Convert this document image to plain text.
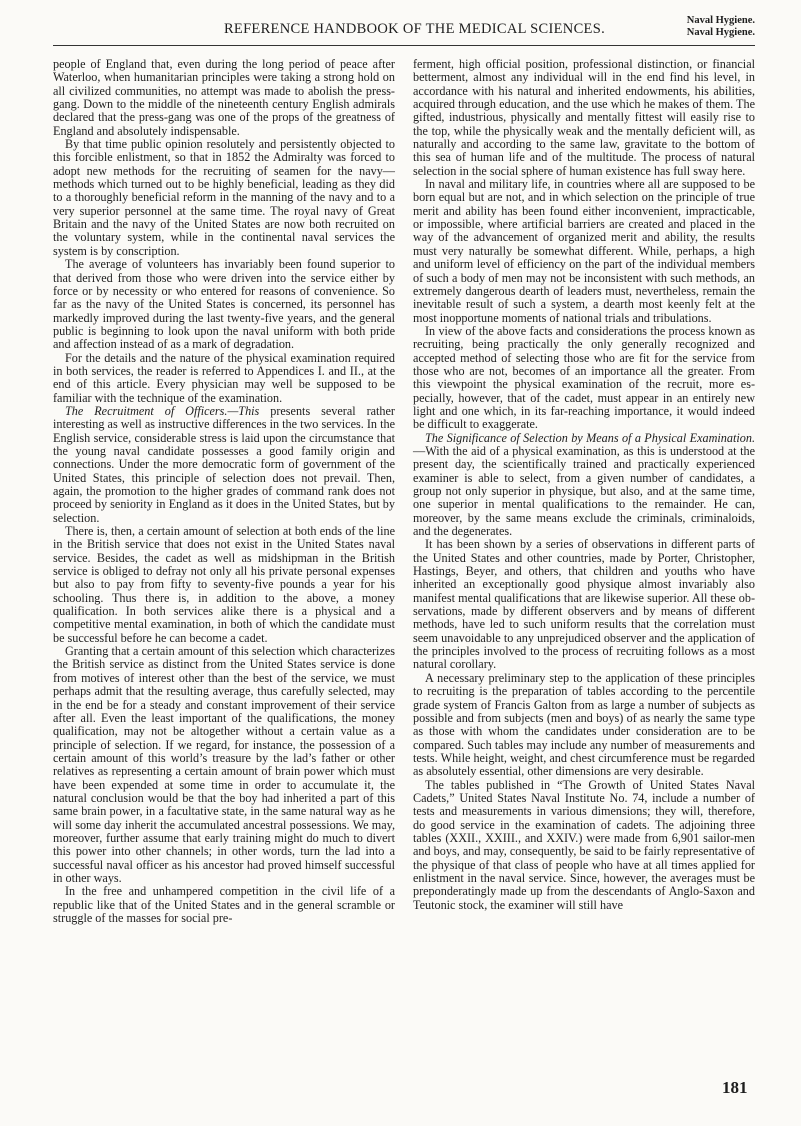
REFERENCE HANDBOOK OF THE MEDICAL SCIENCES.
Naval Hygiene.
Naval Hygiene.

people of England that, even during the long period of peace after Waterloo, when humanitarian principles were taking a strong hold on all civilized communities, no attempt was made to abolish the press-gang. Down to the middle of the nineteenth century English admirals declared that the press-gang was one of the props of the greatness of England and absolutely indispensable.

By that time public opinion resolutely and persistently objected to this forcible enlistment, so that in 1852 the Admiralty was forced to adopt new methods for the recruiting of seamen for the navy—methods which turned out to be highly beneficial, leading as they did to a thoroughly beneficial reform in the manning of the navy and to a very superior personnel at the same time. The royal navy of Great Britain and the navy of the United States are now both recruited on the voluntary system, while in the continental naval services the system is by conscription.

The average of volunteers has invariably been found superior to that derived from those who were driven into the service either by force or by necessity or who entered for reasons of convenience. So far as the navy of the United States is concerned, its personnel has markedly improved during the last twenty-five years, and the general public is beginning to look upon the naval uniform with both pride and affection instead of as a mark of degradation.

For the details and the nature of the physical examination required in both services, the reader is referred to Appendices I. and II., at the end of this article. Every physician may well be supposed to be familiar with the technique of the examination.

The Recruitment of Officers.—This presents several rather interesting as well as instructive differences in the two services. In the English service, considerable stress is laid upon the circumstance that the young naval candidate possesses a good family origin and connections. Under the more democratic form of government of the United States, this principle of selection does not prevail. Then, again, the promotion to the higher grades of command rank does not proceed by seniority in England as it does in the United States, but by selection.

There is, then, a certain amount of selection at both ends of the line in the British service that does not exist in the United States naval service. Besides, the cadet as well as midshipman in the British service is obliged to defray not only all his private personal expenses but also to pay from fifty to seventy-five pounds a year for his schooling. Thus there is, in addition to the above, a money qualification. In both services alike there is a physical and a competitive mental examination, in both of which the candidate must be successful before he can become a cadet.

Granting that a certain amount of this selection which characterizes the British service as distinct from the United States service is done from motives of interest other than the best of the service, we must perhaps admit that the resulting average, thus carefully selected, may in the end be for a steady and constant improvement of their service after all. Even the least important of the qualifications, the money qualification, may not be altogether without a certain value as a principle of selection. If we regard, for instance, the possession of a certain amount of this world’s treasure by the lad’s father or other relatives as representing a certain amount of brain power which must have been expended at some time in order to accumulate it, the natural conclusion would be that the boy had inherited a part of this same brain power, in a facultative state, in the same natural way as he will some day inherit the accumulated ancestral possessions. We may, moreover, further assume that early training might do much to divert this power into other channels; in other words, turn the lad into a successful naval officer as his ancestor had proved himself successful in other ways.

In the free and unhampered competition in the civil life of a republic like that of the United States and in the general scramble or struggle of the masses for social pre-

ferment, high official position, professional distinction, or financial betterment, almost any individual will in the end find his level, in accordance with his natural and inherited endowments, his abilities, acquired through education, and the use which he makes of them. The gifted, industrious, physically and mentally fittest will easily rise to the top, while the physically weak and the mentally deficient will, as naturally and according to the same law, gravitate to the bottom of this sea of human life and of the multitude. The process of natural selection in the social sphere of human existence has full sway here.

In naval and military life, in countries where all are supposed to be born equal but are not, and in which selection on the principle of true merit and ability has been found either inconvenient, impracticable, or impossible, where artificial barriers are created and placed in the way of the advancement of organized merit and ability, the results must very naturally be somewhat different. While, perhaps, a high and uniform level of efficiency on the part of the individual members of such a body of men may not be inconsistent with such methods, an extremely dangerous dearth of leaders must, nevertheless, remain the inevitable result of such a system, a dearth most keenly felt at the most inopportune moments of national trials and tribulations.

In view of the above facts and considerations the process known as recruiting, being practically the only generally recognized and accepted method of selecting those who are fit for the service from those who are not, becomes of an importance all the greater. From this viewpoint the physical examination of the recruit, more especially, however, that of the cadet, must appear in an entirely new light and one which, in its far-reaching importance, it would indeed be difficult to exaggerate.

The Significance of Selection by Means of a Physical Examination.—With the aid of a physical examination, as this is understood at the present day, the scientifically trained and practically experienced examiner is able to select, from a given number of candidates, a group not only superior in physique, but also, and at the same time, one superior in mental qualifications to the remainder. He can, moreover, by the same means exclude the criminals, criminaloids, and the degenerates.

It has been shown by a series of observations in different parts of the United States and other countries, made by Porter, Christopher, Hastings, Beyer, and others, that children and youths who have inherited an exceptionally good physique almost invariably also manifest mental qualifications that are likewise superior. All these observations, made by different observers and by means of different methods, have led to such uniform results that the correlation must seem unavoidable to any unprejudiced observer and the application of the principles involved to the process of recruiting follows as a most natural corollary.

A necessary preliminary step to the application of these principles to recruiting is the preparation of tables according to the percentile grade system of Francis Galton from as large a number of subjects as possible and from subjects (men and boys) of as nearly the same type as those with whom the candidates under consideration are to be compared. Such tables may include any number of measurements and tests. While height, weight, and chest circumference must be regarded as absolutely essential, other dimensions are very desirable.

The tables published in “The Growth of United States Naval Cadets,” United States Naval Institute No. 74, include a number of tests and measurements in various dimensions; they will, therefore, do good service in the examination of cadets. The adjoining three tables (XXII., XXIII., and XXIV.) were made from 6,901 sailor-men and boys, and may, consequently, be said to be fairly representative of the physique of that class of people who have at all times applied for enlistment in the naval service. Since, however, the averages must be preponderatingly made up from the descendants of Anglo-Saxon and Teutonic stock, the examiner will still have

181
